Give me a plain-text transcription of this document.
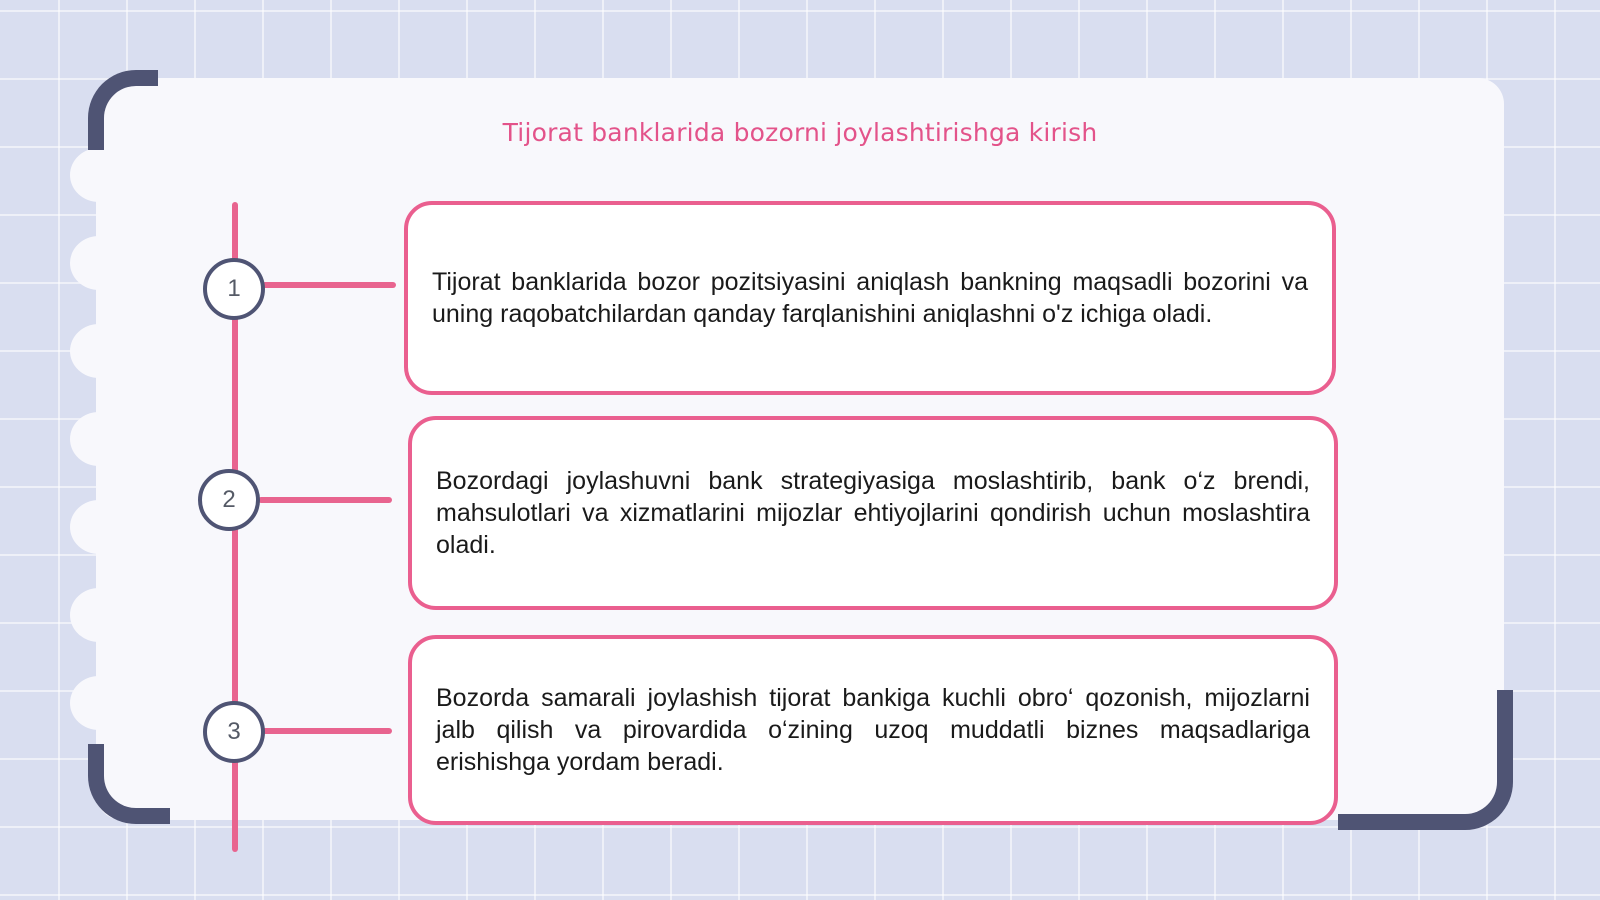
Tijorat banklarida bozorni joylashtirishga kirish
1	Tijorat banklarida bozor pozitsiyasini aniqlash bankning maqsadli bozorini va uning raqobatchilardan qanday farqlanishini aniqlashni o'z ichiga oladi.
2
Bozordagi joylashuvni bank strategiyasiga moslashtirib, bank o‘z brendi, mahsulotlari va xizmatlarini mijozlar ehtiyojlarini qondirish uchun moslashtira oladi.
3
Bozorda samarali joylashish tijorat bankiga kuchli obro‘ qozonish, mijozlarni jalb qilish va pirovardida o‘zining uzoq muddatli biznes maqsadlariga erishishga yordam beradi.
